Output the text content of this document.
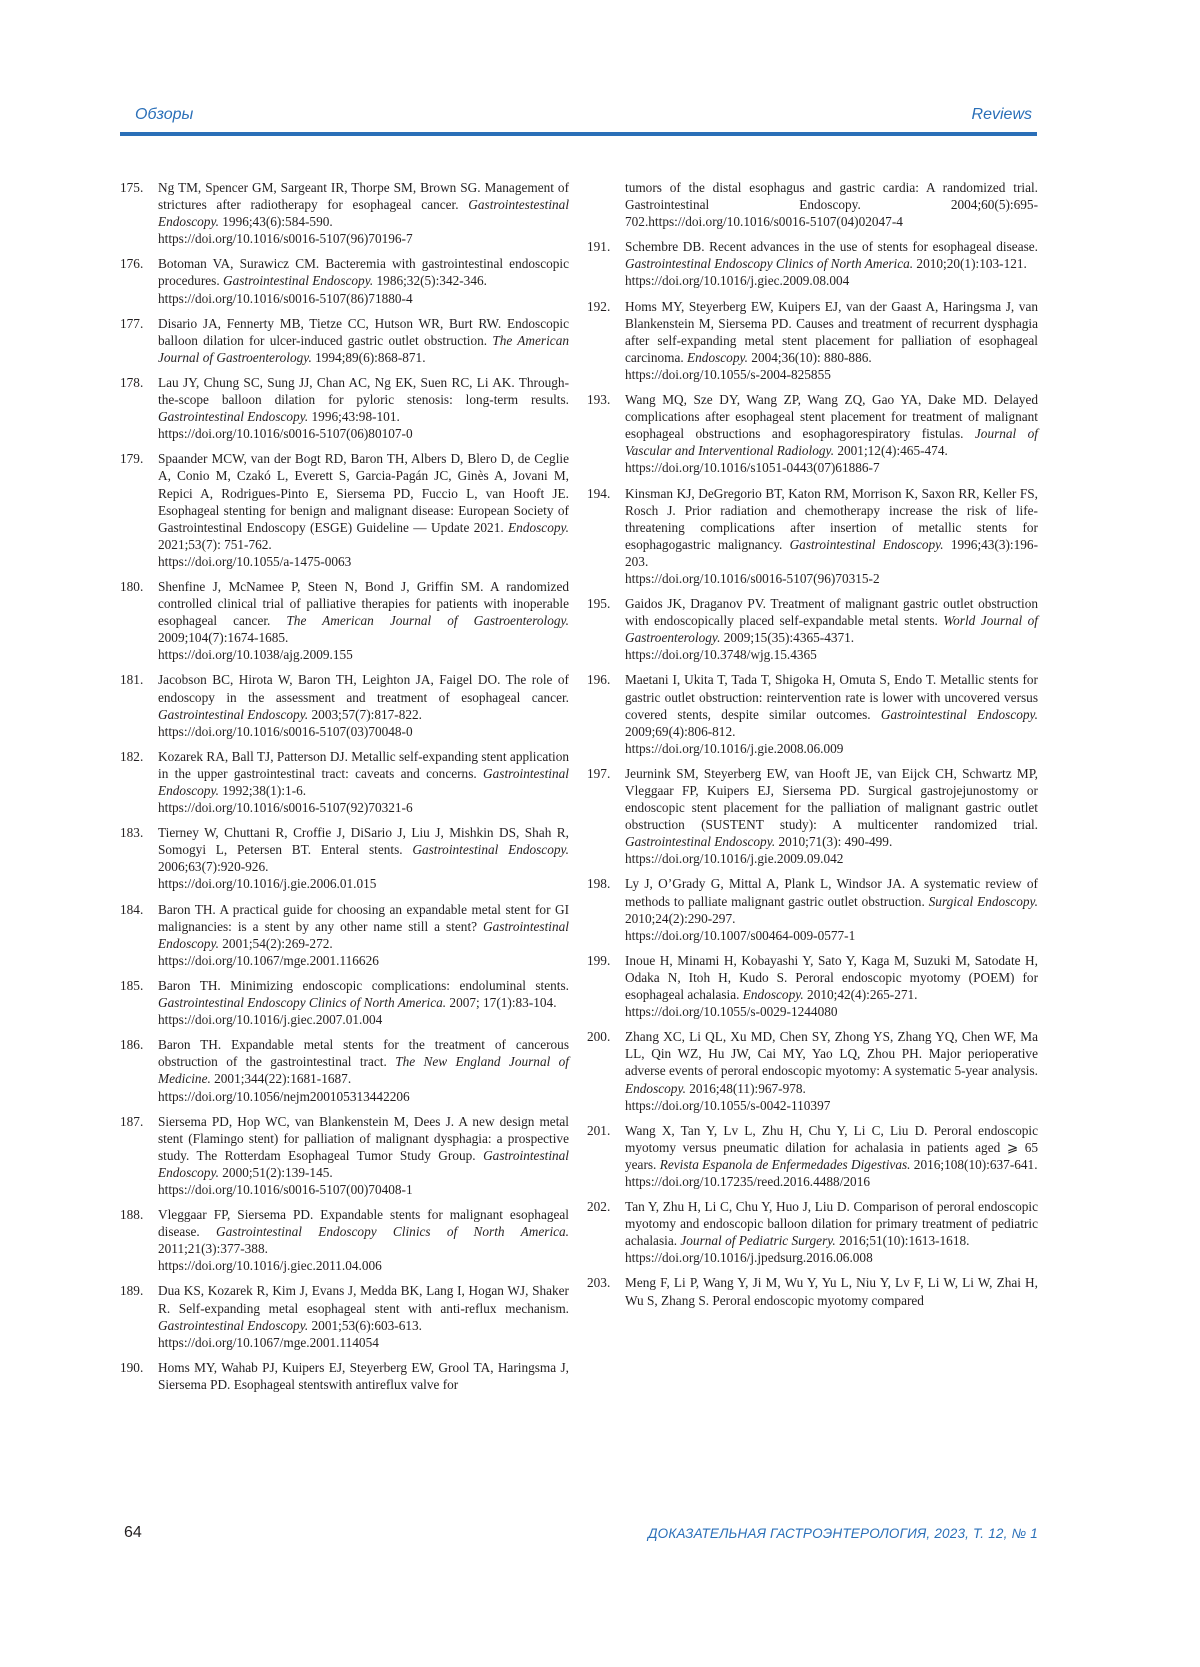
Обзоры	Reviews

175. Ng TM, Spencer GM, Sargeant IR, Thorpe SM, Brown SG. Management of strictures after radiotherapy for esophageal cancer. Gastrointestestinal Endoscopy. 1996;43(6):584-590.
https://doi.org/10.1016/s0016-5107(96)70196-7

176. Botoman VA, Surawicz CM. Bacteremia with gastrointestinal endoscopic procedures. Gastrointestinal Endoscopy. 1986;32(5):342-346.
https://doi.org/10.1016/s0016-5107(86)71880-4

177. Disario JA, Fennerty MB, Tietze CC, Hutson WR, Burt RW. Endoscopic balloon dilation for ulcer-induced gastric outlet obstruction. The American Journal of Gastroenterology. 1994;89(6):868-871.

178. Lau JY, Chung SC, Sung JJ, Chan AC, Ng EK, Suen RC, Li AK. Through-the-scope balloon dilation for pyloric stenosis: long-term results. Gastrointestinal Endoscopy. 1996;43:98-101.
https://doi.org/10.1016/s0016-5107(06)80107-0

179. Spaander MCW, van der Bogt RD, Baron TH, Albers D, Blero D, de Ceglie A, Conio M, Czakó L, Everett S, Garcia-Pagán JC, Ginès A, Jovani M, Repici A, Rodrigues-Pinto E, Siersema PD, Fuccio L, van Hooft JE. Esophageal stenting for benign and malignant disease: European Society of Gastrointestinal Endoscopy (ESGE) Guideline — Update 2021. Endoscopy. 2021;53(7): 751-762.
https://doi.org/10.1055/a-1475-0063

180. Shenfine J, McNamee P, Steen N, Bond J, Griffin SM. A randomized controlled clinical trial of palliative therapies for patients with inoperable esophageal cancer. The American Journal of Gastroenterology. 2009;104(7):1674-1685.
https://doi.org/10.1038/ajg.2009.155

181. Jacobson BC, Hirota W, Baron TH, Leighton JA, Faigel DO. The role of endoscopy in the assessment and treatment of esophageal cancer. Gastrointestinal Endoscopy. 2003;57(7):817-822.
https://doi.org/10.1016/s0016-5107(03)70048-0

182. Kozarek RA, Ball TJ, Patterson DJ. Metallic self-expanding stent application in the upper gastrointestinal tract: caveats and concerns. Gastrointestinal Endoscopy. 1992;38(1):1-6.
https://doi.org/10.1016/s0016-5107(92)70321-6

183. Tierney W, Chuttani R, Croffie J, DiSario J, Liu J, Mishkin DS, Shah R, Somogyi L, Petersen BT. Enteral stents. Gastrointestinal Endoscopy. 2006;63(7):920-926.
https://doi.org/10.1016/j.gie.2006.01.015

184. Baron TH. A practical guide for choosing an expandable metal stent for GI malignancies: is a stent by any other name still a stent? Gastrointestinal Endoscopy. 2001;54(2):269-272.
https://doi.org/10.1067/mge.2001.116626

185. Baron TH. Minimizing endoscopic complications: endoluminal stents. Gastrointestinal Endoscopy Clinics of North America. 2007; 17(1):83-104.
https://doi.org/10.1016/j.giec.2007.01.004

186. Baron TH. Expandable metal stents for the treatment of cancerous obstruction of the gastrointestinal tract. The New England Journal of Medicine. 2001;344(22):1681-1687.
https://doi.org/10.1056/nejm200105313442206

187. Siersema PD, Hop WC, van Blankenstein M, Dees J. A new design metal stent (Flamingo stent) for palliation of malignant dysphagia: a prospective study. The Rotterdam Esophageal Tumor Study Group. Gastrointestinal Endoscopy. 2000;51(2):139-145.
https://doi.org/10.1016/s0016-5107(00)70408-1

188. Vleggaar FP, Siersema PD. Expandable stents for malignant esophageal disease. Gastrointestinal Endoscopy Clinics of North America. 2011;21(3):377-388.
https://doi.org/10.1016/j.giec.2011.04.006

189. Dua KS, Kozarek R, Kim J, Evans J, Medda BK, Lang I, Hogan WJ, Shaker R. Self-expanding metal esophageal stent with anti-reflux mechanism. Gastrointestinal Endoscopy. 2001;53(6):603-613.
https://doi.org/10.1067/mge.2001.114054

190. Homs MY, Wahab PJ, Kuipers EJ, Steyerberg EW, Grool TA, Haringsma J, Siersema PD. Esophageal stentswith antireflux valve for

tumors of the distal esophagus and gastric cardia: A randomized trial. Gastrointestinal Endoscopy.	2004;60(5):695-702.https://doi.org/10.1016/s0016-5107(04)02047-4

191. Schembre DB. Recent advances in the use of stents for esophageal disease. Gastrointestinal Endoscopy Clinics of North America. 2010;20(1):103-121.
https://doi.org/10.1016/j.giec.2009.08.004

192. Homs MY, Steyerberg EW, Kuipers EJ, van der Gaast A, Haringsma J, van Blankenstein M, Siersema PD. Causes and treatment of recurrent dysphagia after self-expanding metal stent placement for palliation of esophageal carcinoma. Endoscopy. 2004;36(10): 880-886.
https://doi.org/10.1055/s-2004-825855

193. Wang MQ, Sze DY, Wang ZP, Wang ZQ, Gao YA, Dake MD. Delayed complications after esophageal stent placement for treatment of malignant esophageal obstructions and esophagorespiratory fistulas. Journal of Vascular and Interventional Radiology. 2001;12(4):465-474.
https://doi.org/10.1016/s1051-0443(07)61886-7

194. Kinsman KJ, DeGregorio BT, Katon RM, Morrison K, Saxon RR, Keller FS, Rosch J. Prior radiation and chemotherapy increase the risk of life-threatening complications after insertion of metallic stents for esophagogastric malignancy. Gastrointestinal Endoscopy. 1996;43(3):196-203.
https://doi.org/10.1016/s0016-5107(96)70315-2

195. Gaidos JK, Draganov PV. Treatment of malignant gastric outlet obstruction with endoscopically placed self-expandable metal stents. World Journal of Gastroenterology. 2009;15(35):4365-4371.
https://doi.org/10.3748/wjg.15.4365

196. Maetani I, Ukita T, Tada T, Shigoka H, Omuta S, Endo T. Metallic stents for gastric outlet obstruction: reintervention rate is lower with uncovered versus covered stents, despite similar outcomes. Gastrointestinal Endoscopy. 2009;69(4):806-812.
https://doi.org/10.1016/j.gie.2008.06.009

197. Jeurnink SM, Steyerberg EW, van Hooft JE, van Eijck CH, Schwartz MP, Vleggaar FP, Kuipers EJ, Siersema PD. Surgical gastrojejunostomy or endoscopic stent placement for the palliation of malignant gastric outlet obstruction (SUSTENT study): A multicenter randomized trial. Gastrointestinal Endoscopy. 2010;71(3): 490-499.
https://doi.org/10.1016/j.gie.2009.09.042

198. Ly J, O’Grady G, Mittal A, Plank L, Windsor JA. A systematic review of methods to palliate malignant gastric outlet obstruction. Surgical Endoscopy. 2010;24(2):290-297.
https://doi.org/10.1007/s00464-009-0577-1

199. Inoue H, Minami H, Kobayashi Y, Sato Y, Kaga M, Suzuki M, Satodate H, Odaka N, Itoh H, Kudo S. Peroral endoscopic myotomy (POEM) for esophageal achalasia. Endoscopy. 2010;42(4):265-271.
https://doi.org/10.1055/s-0029-1244080

200. Zhang XC, Li QL, Xu MD, Chen SY, Zhong YS, Zhang YQ, Chen WF, Ma LL, Qin WZ, Hu JW, Cai MY, Yao LQ, Zhou PH. Major perioperative adverse events of peroral endoscopic myotomy: A systematic 5-year analysis. Endoscopy. 2016;48(11):967-978.
https://doi.org/10.1055/s-0042-110397

201. Wang X, Tan Y, Lv L, Zhu H, Chu Y, Li C, Liu D. Peroral endoscopic myotomy versus pneumatic dilation for achalasia in patients aged ⩾ 65 years. Revista Espanola de Enfermedades Digestivas. 2016;108(10):637-641.
https://doi.org/10.17235/reed.2016.4488/2016

202. Tan Y, Zhu H, Li C, Chu Y, Huo J, Liu D. Comparison of peroral endoscopic myotomy and endoscopic balloon dilation for primary treatment of pediatric achalasia. Journal of Pediatric Surgery. 2016;51(10):1613-1618.
https://doi.org/10.1016/j.jpedsurg.2016.06.008

203. Meng F, Li P, Wang Y, Ji M, Wu Y, Yu L, Niu Y, Lv F, Li W, Li W, Zhai H, Wu S, Zhang S. Peroral endoscopic myotomy compared

64	ДОКАЗАТЕЛЬНАЯ ГАСТРОЭНТЕРОЛОГИЯ, 2023, Т. 12, № 1
